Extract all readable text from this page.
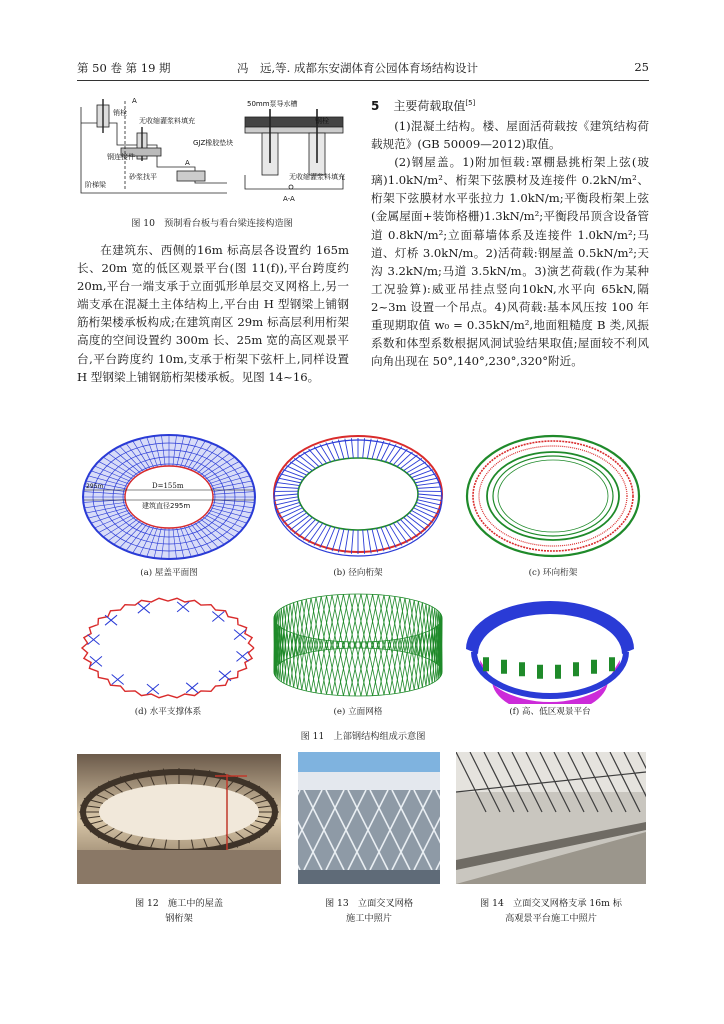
第 50 卷 第 19 期	冯　远,等. 成都东安湖体育公园体育场结构设计	25
A
A
销栓
无收缩灌浆料填充
50mm泵导水槽
钢栓
GJZ橡胶垫块
钢连接件
阶梯梁
砂浆找平	无收缩灌浆料填充
A-A
图 10　预制看台板与看台梁连接构造图

在建筑东、西侧的16m 标高层各设置约 165m 长、20m 宽的低区观景平台(图 11(f)),平台跨度约 20m,平台一端支承于立面弧形单层交叉网格上,另一端支承在混凝土主体结构上,平台由 H 型钢梁上铺钢筋桁架楼承板构成;在建筑南区 29m 标高层利用桁架高度的空间设置约 300m 长、25m 宽的高区观景平台,平台跨度约 10m,支承于桁架下弦杆上,同样设置 H 型钢梁上铺钢筋桁架楼承板。见图 14~16。

5 主要荷载取值[5]

(1)混凝土结构。楼、屋面活荷载按《建筑结构荷载规范》(GB 50009—2012)取值。

(2)钢屋盖。1)附加恒载:罩棚悬挑桁架上弦(玻璃)1.0kN/m²、桁架下弦膜材及连接件 0.2kN/m²、桁架下弦膜材水平张拉力 1.0kN/m;平衡段桁架上弦(金属屋面+装饰格栅)1.3kN/m²;平衡段吊顶含设备管道 0.8kN/m²;立面幕墙体系及连接件 1.0kN/m²;马道、灯桥 3.0kN/m。2)活荷载:钢屋盖 0.5kN/m²;天沟 3.2kN/m;马道 3.5kN/m。3)演艺荷载(作为某种工况验算):威亚吊挂点竖向10kN,水平向 65kN,隔 2~3m 设置一个吊点。4)风荷载:基本风压按 100 年重现期取值 w₀ = 0.35kN/m²,地面粗糙度 B 类,风振系数和体型系数根据风洞试验结果取值;屋面较不利风向角出现在 50°,140°,230°,320°附近。

D=155m
建筑直径295m
295m
(a) 屋盖平面图	(b) 径向桁架	(c) 环向桁架
(d) 水平支撑体系	(e) 立面网格	(f) 高、低区观景平台
图 11　上部钢结构组成示意图
图 12　施工中的屋盖
钢桁架
图 13　立面交叉网格
施工中照片
图 14　立面交叉网格支承 16m 标
高观景平台施工中照片
